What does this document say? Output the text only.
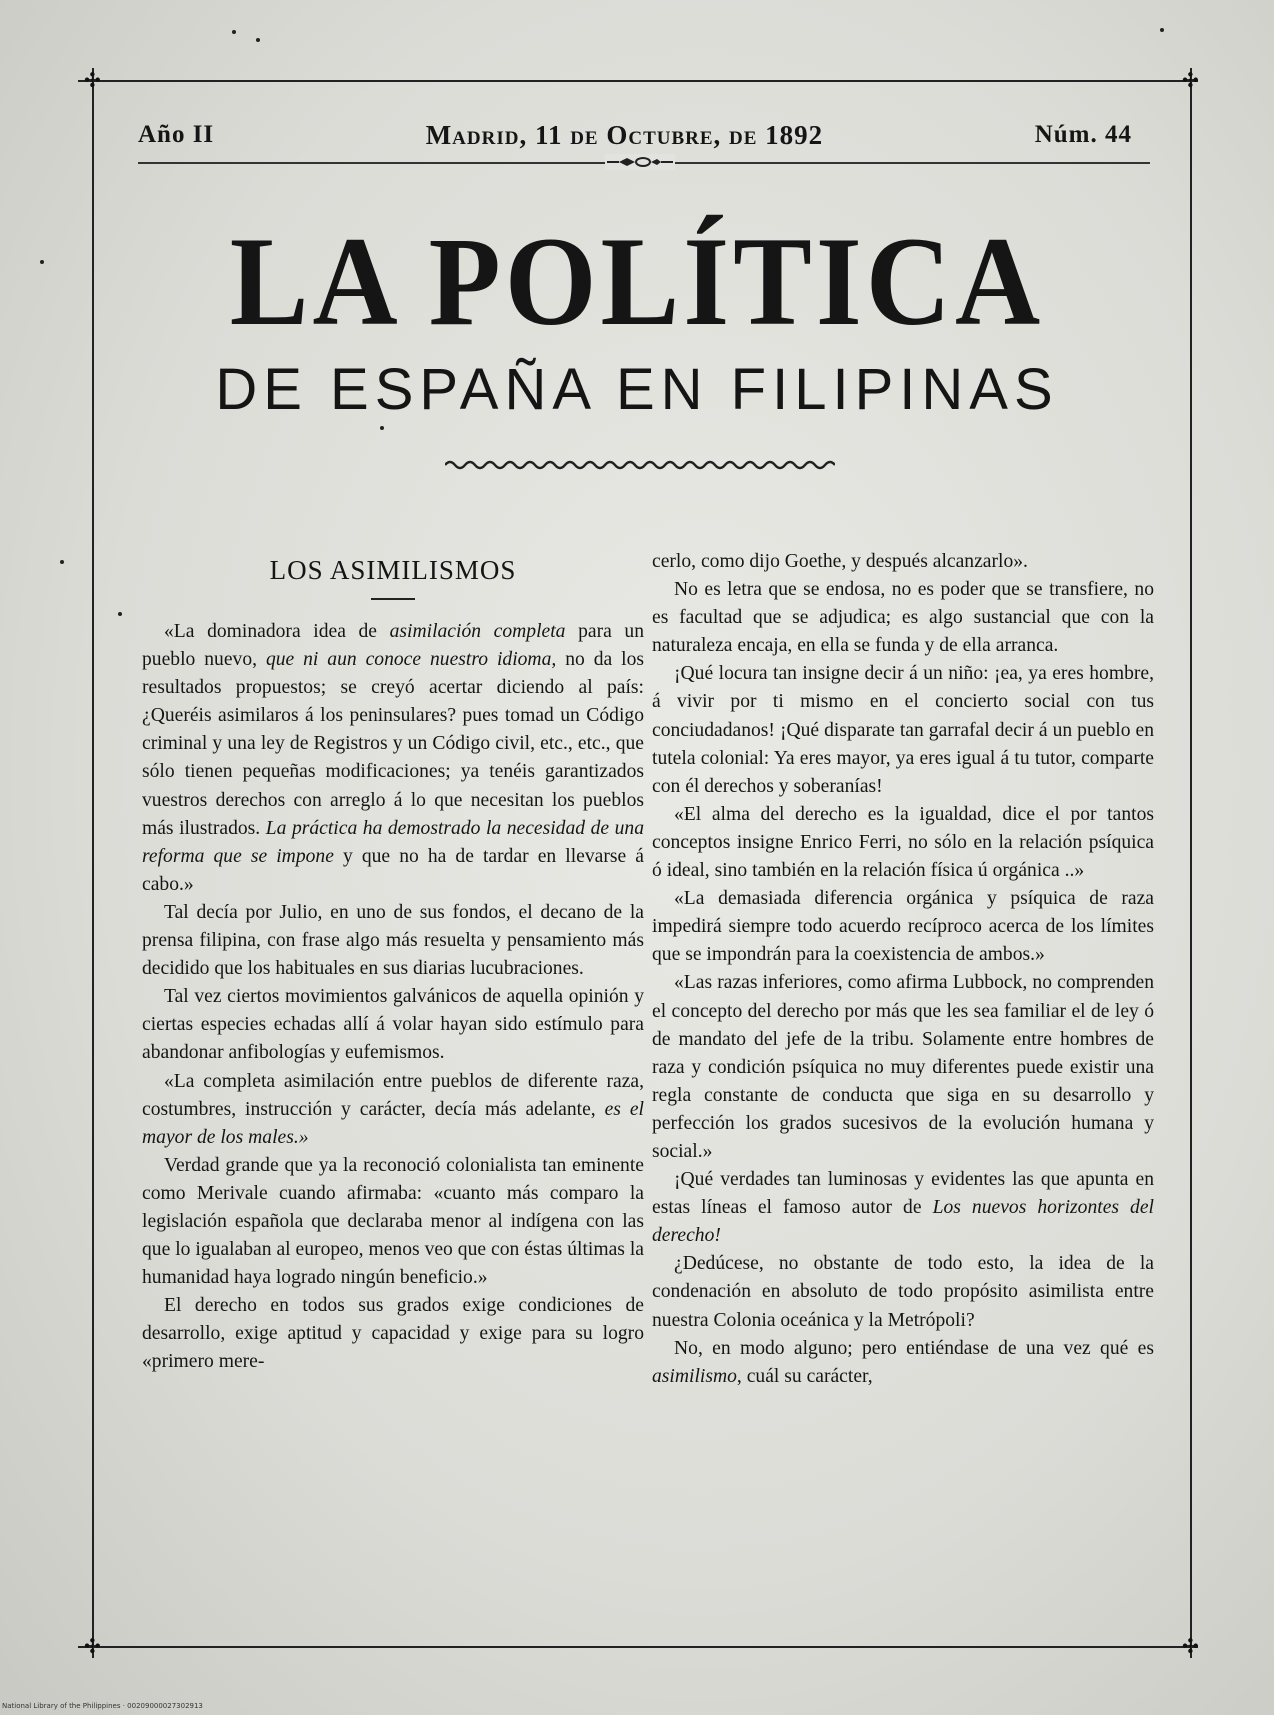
✣	✣
✣	✣
Año II	Madrid, 11 de Octubre, de 1892	Núm. 44
LA POLÍTICA
DE ESPAÑA EN FILIPINAS
LOS ASIMILISMOS

«La dominadora idea de asimilación completa para un pueblo nuevo, que ni aun conoce nuestro idioma, no da los resultados propuestos; se creyó acertar diciendo al país: ¿Queréis asimilaros á los peninsulares? pues tomad un Código criminal y una ley de Registros y un Código civil, etc., etc., que sólo tienen pequeñas modificaciones; ya tenéis garantizados vuestros derechos con arreglo á lo que necesitan los pueblos más ilustrados. La práctica ha demostrado la necesidad de una reforma que se impone y que no ha de tardar en llevarse á cabo.»

Tal decía por Julio, en uno de sus fondos, el decano de la prensa filipina, con frase algo más resuelta y pensamiento más decidido que los habituales en sus diarias lucubraciones.

Tal vez ciertos movimientos galvánicos de aquella opinión y ciertas especies echadas allí á volar hayan sido estímulo para abandonar anfibologías y eufemismos.

«La completa asimilación entre pueblos de diferente raza, costumbres, instrucción y carácter, decía más adelante, es el mayor de los males.»

Verdad grande que ya la reconoció colonialista tan eminente como Merivale cuando afirmaba: «cuanto más comparo la legislación española que declaraba menor al indígena con las que lo igualaban al europeo, menos veo que con éstas últimas la humanidad haya logrado ningún beneficio.»

El derecho en todos sus grados exige condiciones de desarrollo, exige aptitud y capacidad y exige para su logro «primero mere-

cerlo, como dijo Goethe, y después alcanzarlo».

No es letra que se endosa, no es poder que se transfiere, no es facultad que se adjudica; es algo sustancial que con la naturaleza encaja, en ella se funda y de ella arranca.

¡Qué locura tan insigne decir á un niño: ¡ea, ya eres hombre, á vivir por ti mismo en el concierto social con tus conciudadanos! ¡Qué disparate tan garrafal decir á un pueblo en tutela colonial: Ya eres mayor, ya eres igual á tu tutor, comparte con él derechos y soberanías!

«El alma del derecho es la igualdad, dice el por tantos conceptos insigne Enrico Ferri, no sólo en la relación psíquica ó ideal, sino también en la relación física ú orgánica ..»

«La demasiada diferencia orgánica y psíquica de raza impedirá siempre todo acuerdo recíproco acerca de los límites que se impondrán para la coexistencia de ambos.»

«Las razas inferiores, como afirma Lubbock, no comprenden el concepto del derecho por más que les sea familiar el de ley ó de mandato del jefe de la tribu. Solamente entre hombres de raza y condición psíquica no muy diferentes puede existir una regla constante de conducta que siga en su desarrollo y perfección los grados sucesivos de la evolución humana y social.»

¡Qué verdades tan luminosas y evidentes las que apunta en estas líneas el famoso autor de Los nuevos horizontes del derecho!

¿Dedúcese, no obstante de todo esto, la idea de la condenación en absoluto de todo propósito asimilista entre nuestra Colonia oceánica y la Metrópoli?

No, en modo alguno; pero entiéndase de una vez qué es asimilismo, cuál su carácter,

National Library of the Philippines · 00209000027302913
